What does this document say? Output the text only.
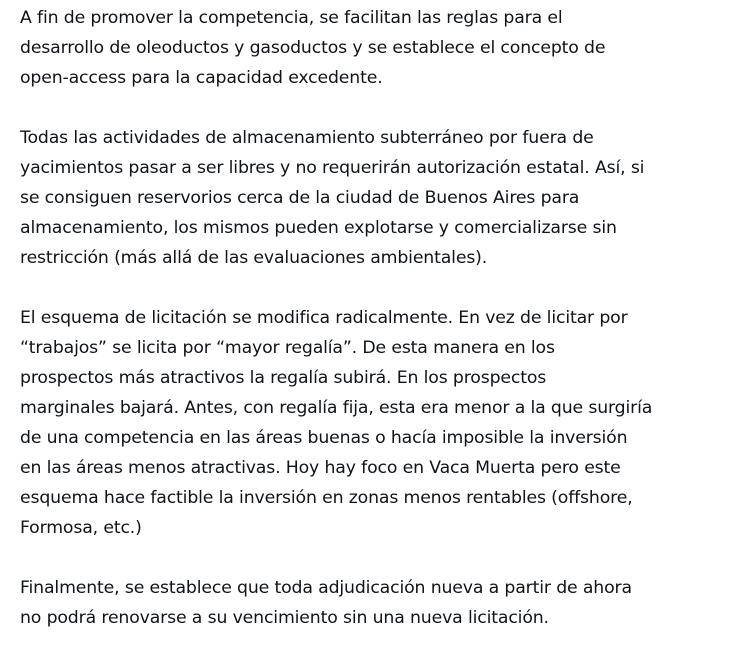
A fin de promover la competencia, se facilitan las reglas para el
desarrollo de oleoductos y gasoductos y se establece el concepto de
open-access para la capacidad excedente.

Todas las actividades de almacenamiento subterráneo por fuera de
yacimientos pasar a ser libres y no requerirán autorización estatal. Así, si
se consiguen reservorios cerca de la ciudad de Buenos Aires para
almacenamiento, los mismos pueden explotarse y comercializarse sin
restricción (más allá de las evaluaciones ambientales).

El esquema de licitación se modifica radicalmente. En vez de licitar por
“trabajos” se licita por “mayor regalía”. De esta manera en los
prospectos más atractivos la regalía subirá. En los prospectos
marginales bajará. Antes, con regalía fija, esta era menor a la que surgiría
de una competencia en las áreas buenas o hacía imposible la inversión
en las áreas menos atractivas. Hoy hay foco en Vaca Muerta pero este
esquema hace factible la inversión en zonas menos rentables (offshore,
Formosa, etc.)

Finalmente, se establece que toda adjudicación nueva a partir de ahora
no podrá renovarse a su vencimiento sin una nueva licitación.
